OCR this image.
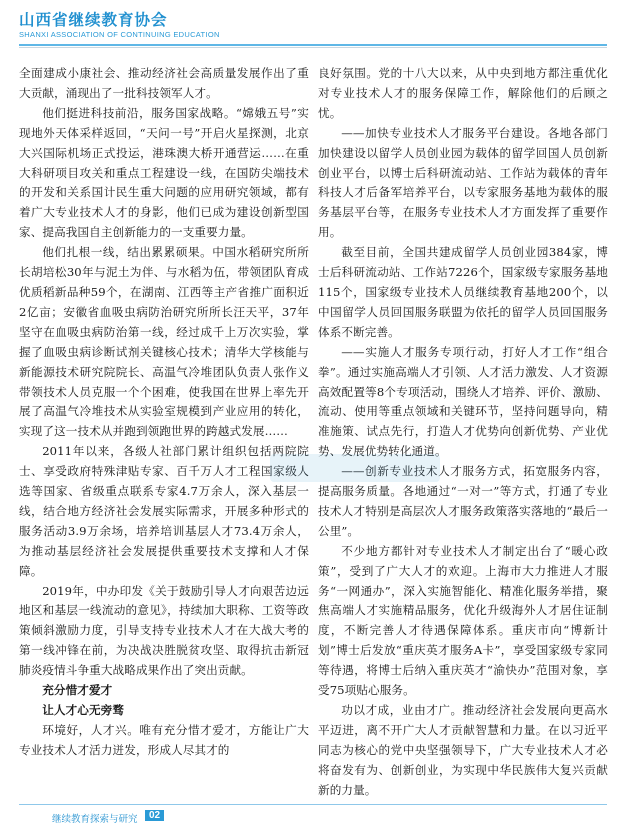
山西省继续教育协会
SHANXI ASSOCIATION OF CONTINUING EDUCATION

全面建成小康社会、推动经济社会高质量发展作出了重大贡献，涌现出了一批科技领军人才。

他们挺进科技前沿，服务国家战略。“嫦娥五号”实现地外天体采样返回，“天问一号”开启火星探测，北京大兴国际机场正式投运，港珠澳大桥开通营运……在重大科研项目攻关和重点工程建设一线，在国防尖端技术的开发和关系国计民生重大问题的应用研究领域，都有着广大专业技术人才的身影，他们已成为建设创新型国家、提高我国自主创新能力的一支重要力量。

他们扎根一线，结出累累硕果。中国水稻研究所所长胡培松30年与泥土为伴、与水稻为伍，带领团队育成优质稻新品种59个，在湖南、江西等主产省推广面积近2亿亩；安徽省血吸虫病防治研究所所长汪天平，37年坚守在血吸虫病防治第一线，经过成千上万次实验，掌握了血吸虫病诊断试剂关键核心技术；清华大学核能与新能源技术研究院院长、高温气冷堆团队负责人张作义带领技术人员克服一个个困难，使我国在世界上率先开展了高温气冷堆技术从实验室规模到产业应用的转化，实现了这一技术从并跑到领跑世界的跨越式发展……

2011年以来，各级人社部门累计组织包括两院院士、享受政府特殊津贴专家、百千万人才工程国家级人选等国家、省级重点联系专家4.7万余人，深入基层一线，结合地方经济社会发展实际需求，开展多种形式的服务活动3.9万余场，培养培训基层人才73.4万余人，为推动基层经济社会发展提供重要技术支撑和人才保障。

2019年，中办印发《关于鼓励引导人才向艰苦边远地区和基层一线流动的意见》，持续加大职称、工资等政策倾斜激励力度，引导支持专业技术人才在大战大考的第一线冲锋在前，为决战决胜脱贫攻坚、取得抗击新冠肺炎疫情斗争重大战略成果作出了突出贡献。

充分惜才爱才

让人才心无旁骛

环境好，人才兴。唯有充分惜才爱才，方能让广大专业技术人才活力迸发，形成人尽其才的

良好氛围。党的十八大以来，从中央到地方都注重优化对专业技术人才的服务保障工作，解除他们的后顾之忧。

——加快专业技术人才服务平台建设。各地各部门加快建设以留学人员创业园为载体的留学回国人员创新创业平台，以博士后科研流动站、工作站为载体的青年科技人才后备军培养平台，以专家服务基地为载体的服务基层平台等，在服务专业技术人才方面发挥了重要作用。

截至目前，全国共建成留学人员创业园384家，博士后科研流动站、工作站7226个，国家级专家服务基地115个，国家级专业技术人员继续教育基地200个，以中国留学人员回国服务联盟为依托的留学人员回国服务体系不断完善。

——实施人才服务专项行动，打好人才工作“组合拳”。通过实施高端人才引领、人才活力激发、人才资源高效配置等8个专项活动，围绕人才培养、评价、激励、流动、使用等重点领域和关键环节，坚持问题导向，精准施策、试点先行，打造人才优势向创新优势、产业优势、发展优势转化通道。

——创新专业技术人才服务方式，拓宽服务内容，提高服务质量。各地通过“一对一”等方式，打通了专业技术人才特别是高层次人才服务政策落实落地的“最后一公里”。

不少地方都针对专业技术人才制定出台了“暖心政策”，受到了广大人才的欢迎。上海市大力推进人才服务“一网通办”，深入实施智能化、精准化服务举措，聚焦高端人才实施精品服务，优化升级海外人才居住证制度，不断完善人才待遇保障体系。重庆市向“博新计划”博士后发放“重庆英才服务A卡”，享受国家级专家同等待遇，将博士后纳入重庆英才“渝快办”范围对象，享受75项贴心服务。

功以才成，业由才广。推动经济社会发展向更高水平迈进，离不开广大人才贡献智慧和力量。在以习近平同志为核心的党中央坚强领导下，广大专业技术人才必将奋发有为、创新创业，为实现中华民族伟大复兴贡献新的力量。

继续教育探索与研究	02
